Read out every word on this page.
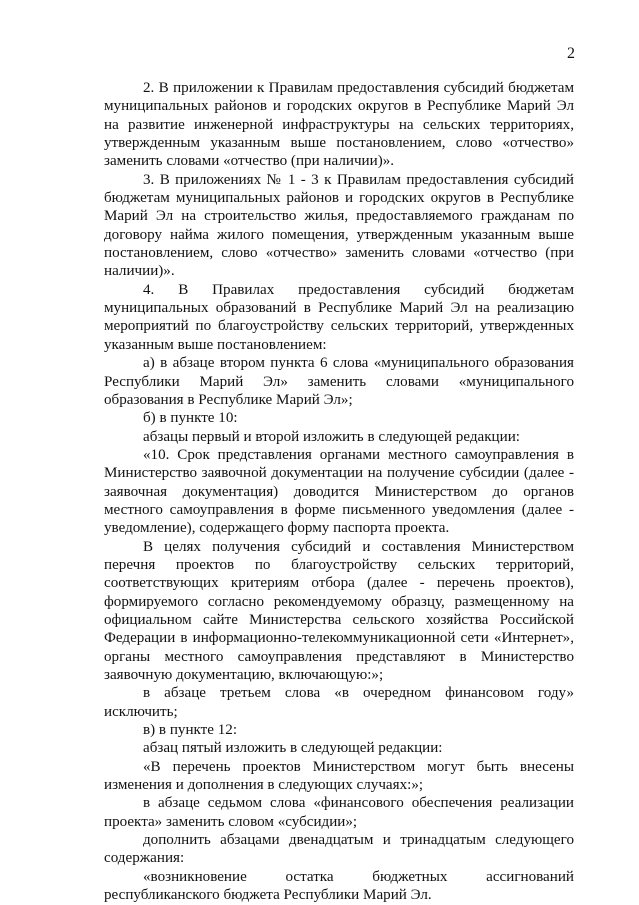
2

2. В приложении к Правилам предоставления субсидий бюджетам муниципальных районов и городских округов в Республике Марий Эл на развитие инженерной инфраструктуры на сельских территориях, утвержденным указанным выше постановлением, слово «отчество» заменить словами «отчество (при наличии)».

3. В приложениях № 1 - 3 к Правилам предоставления субсидий бюджетам муниципальных районов и городских округов в Республике Марий Эл на строительство жилья, предоставляемого гражданам по договору найма жилого помещения, утвержденным указанным выше постановлением, слово «отчество» заменить словами «отчество (при наличии)».

4. В Правилах предоставления субсидий бюджетам муниципальных образований в Республике Марий Эл на реализацию мероприятий по благоустройству сельских территорий, утвержденных указанным выше постановлением:

а) в абзаце втором пункта 6 слова «муниципального образования Республики Марий Эл» заменить словами «муниципального образования в Республике Марий Эл»;

б) в пункте 10:

абзацы первый и второй изложить в следующей редакции:

«10. Срок представления органами местного самоуправления в Министерство заявочной документации на получение субсидии (далее - заявочная документация) доводится Министерством до органов местного самоуправления в форме письменного уведомления (далее - уведомление), содержащего форму паспорта проекта.

В целях получения субсидий и составления Министерством перечня проектов по благоустройству сельских территорий, соответствующих критериям отбора (далее - перечень проектов), формируемого согласно рекомендуемому образцу, размещенному на официальном сайте Министерства сельского хозяйства Российской Федерации в информационно-телекоммуникационной сети «Интернет», органы местного самоуправления представляют в Министерство заявочную документацию, включающую:»;

в абзаце третьем слова «в очередном финансовом году» исключить;

в) в пункте 12:

абзац пятый изложить в следующей редакции:

«В перечень проектов Министерством могут быть внесены изменения и дополнения в следующих случаях:»;

в абзаце седьмом слова «финансового обеспечения реализации проекта» заменить словом «субсидии»;

дополнить абзацами двенадцатым и тринадцатым следующего содержания:

«возникновение остатка бюджетных ассигнований республиканского бюджета Республики Марий Эл.
